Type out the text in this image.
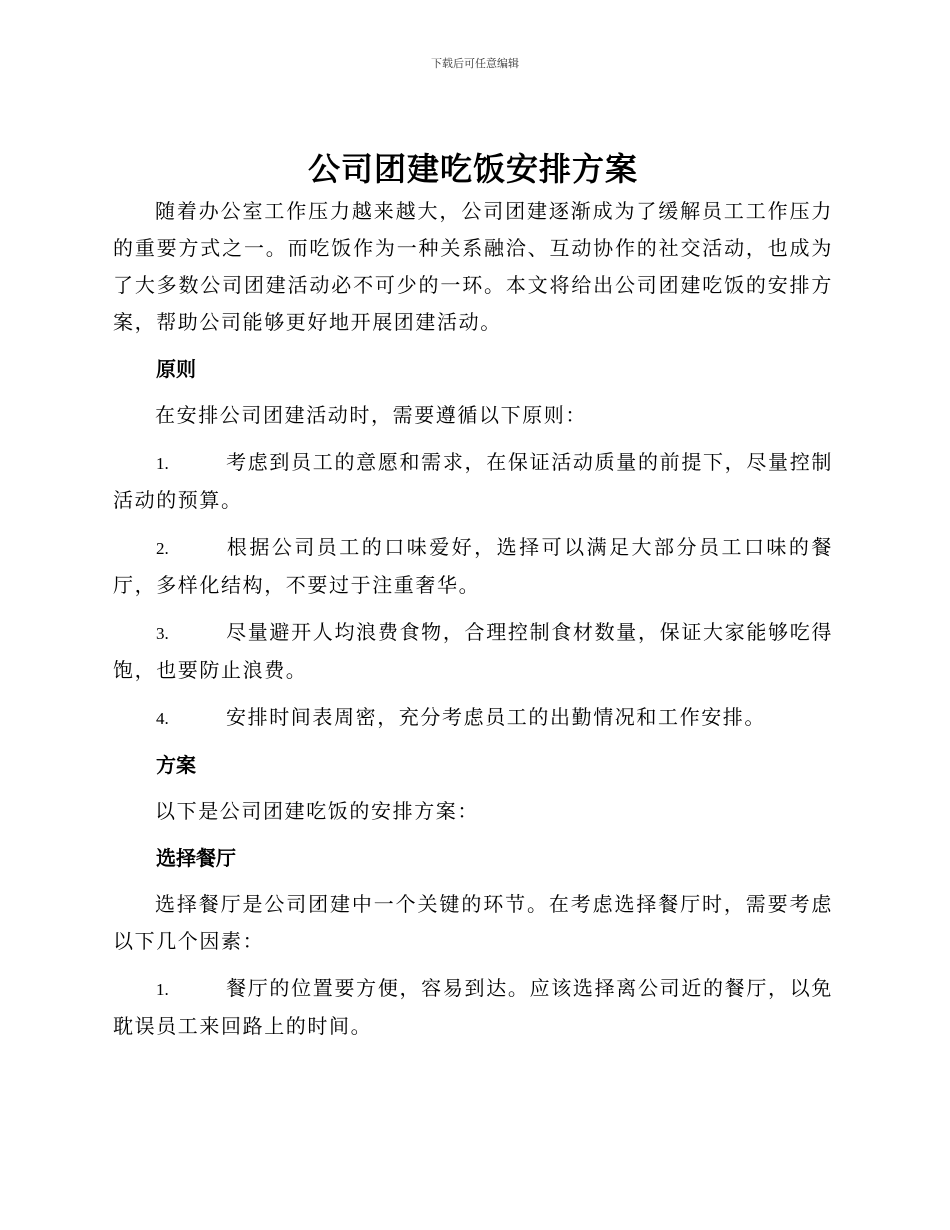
下载后可任意编辑
公司团建吃饭安排方案

随着办公室工作压力越来越大，公司团建逐渐成为了缓解员工工作压力的重要方式之一。而吃饭作为一种关系融洽、互动协作的社交活动，也成为了大多数公司团建活动必不可少的一环。本文将给出公司团建吃饭的安排方案，帮助公司能够更好地开展团建活动。

原则

在安排公司团建活动时，需要遵循以下原则：

1.	考虑到员工的意愿和需求，在保证活动质量的前提下，尽量控制活动的预算。

2.	根据公司员工的口味爱好，选择可以满足大部分员工口味的餐厅，多样化结构，不要过于注重奢华。

3.	尽量避开人均浪费食物，合理控制食材数量，保证大家能够吃得饱，也要防止浪费。

4.	安排时间表周密，充分考虑员工的出勤情况和工作安排。

方案

以下是公司团建吃饭的安排方案：

选择餐厅

选择餐厅是公司团建中一个关键的环节。在考虑选择餐厅时，需要考虑以下几个因素：

1.	餐厅的位置要方便，容易到达。应该选择离公司近的餐厅，以免耽误员工来回路上的时间。
